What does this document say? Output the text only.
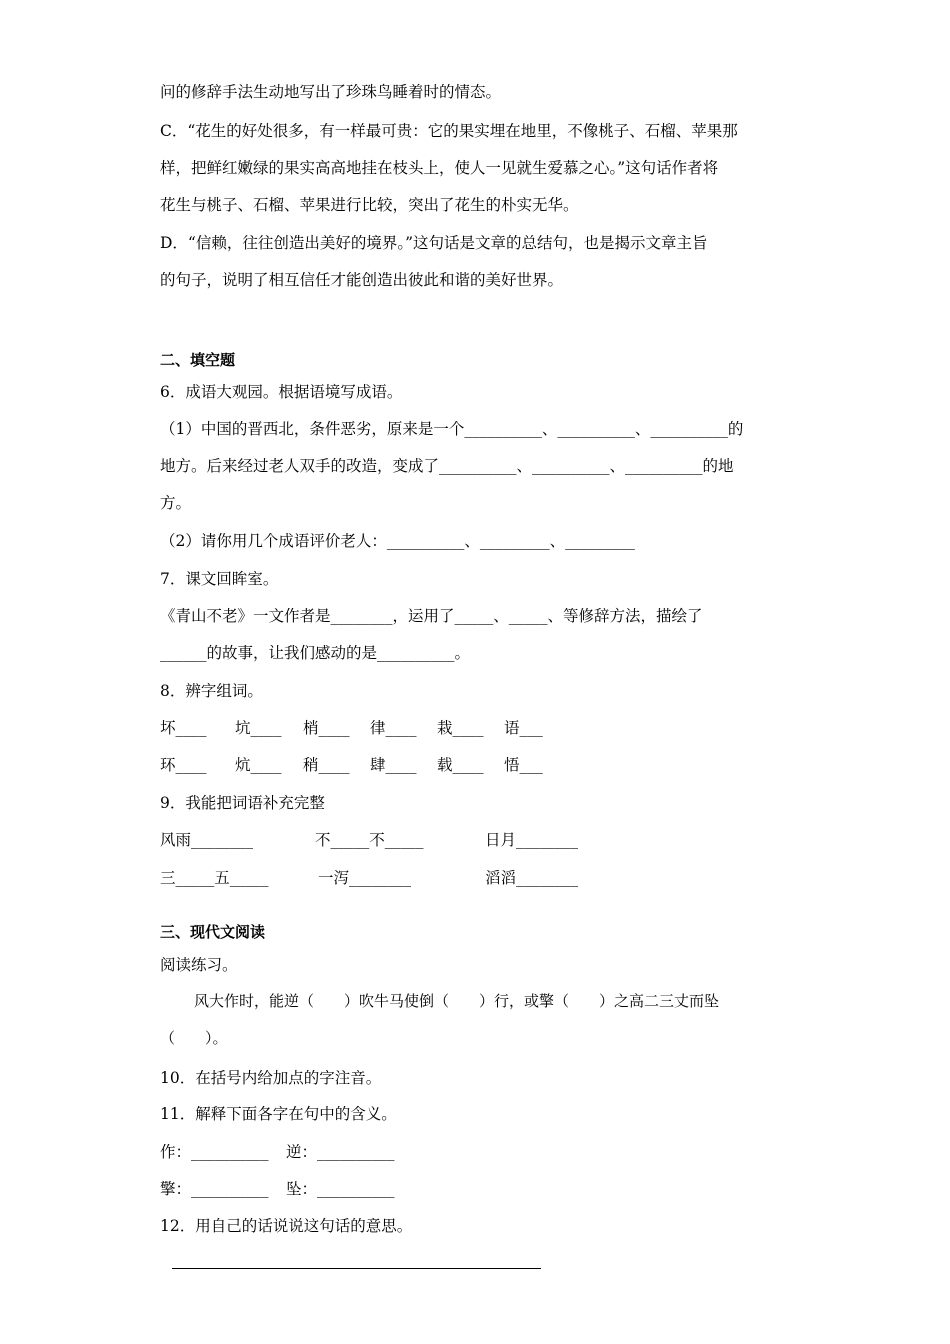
问的修辞手法生动地写出了珍珠鸟睡着时的情态。
C．“花生的好处很多，有一样最可贵：它的果实埋在地里，不像桃子、石榴、苹果那
样，把鲜红嫩绿的果实高高地挂在枝头上，使人一见就生爱慕之心。”这句话作者将
花生与桃子、石榴、苹果进行比较，突出了花生的朴实无华。
D．“信赖，往往创造出美好的境界。”这句话是文章的总结句，也是揭示文章主旨
的句子，说明了相互信任才能创造出彼此和谐的美好世界。
二、填空题
6．成语大观园。根据语境写成语。
（1）中国的晋西北，条件恶劣，原来是一个__________、__________、__________的
地方。后来经过老人双手的改造，变成了__________、__________、__________的地
方。
（2）请你用几个成语评价老人：__________、_________、_________
7．课文回眸室。
《青山不老》一文作者是________，运用了_____、_____、等修辞方法，描绘了
______的故事，让我们感动的是__________。
8．辨字组词。
坏____ 坑____ 梢____ 律____ 栽____ 语___
环____ 炕____ 稍____ 肆____ 载____ 悟___
9．我能把词语补充完整
风雨________	不_____不_____	日月________
三_____五_____	一泻________	滔滔________
三、现代文阅读
阅读练习。
风大作时，能逆（　　）吹牛马使倒（　　）行，或擎（　　）之高二三丈而坠
（　　）。
10．在括号内给加点的字注音。
11．解释下面各字在句中的含义。
作：__________ 逆：__________
擎：__________ 坠：__________
12．用自己的话说说这句话的意思。
